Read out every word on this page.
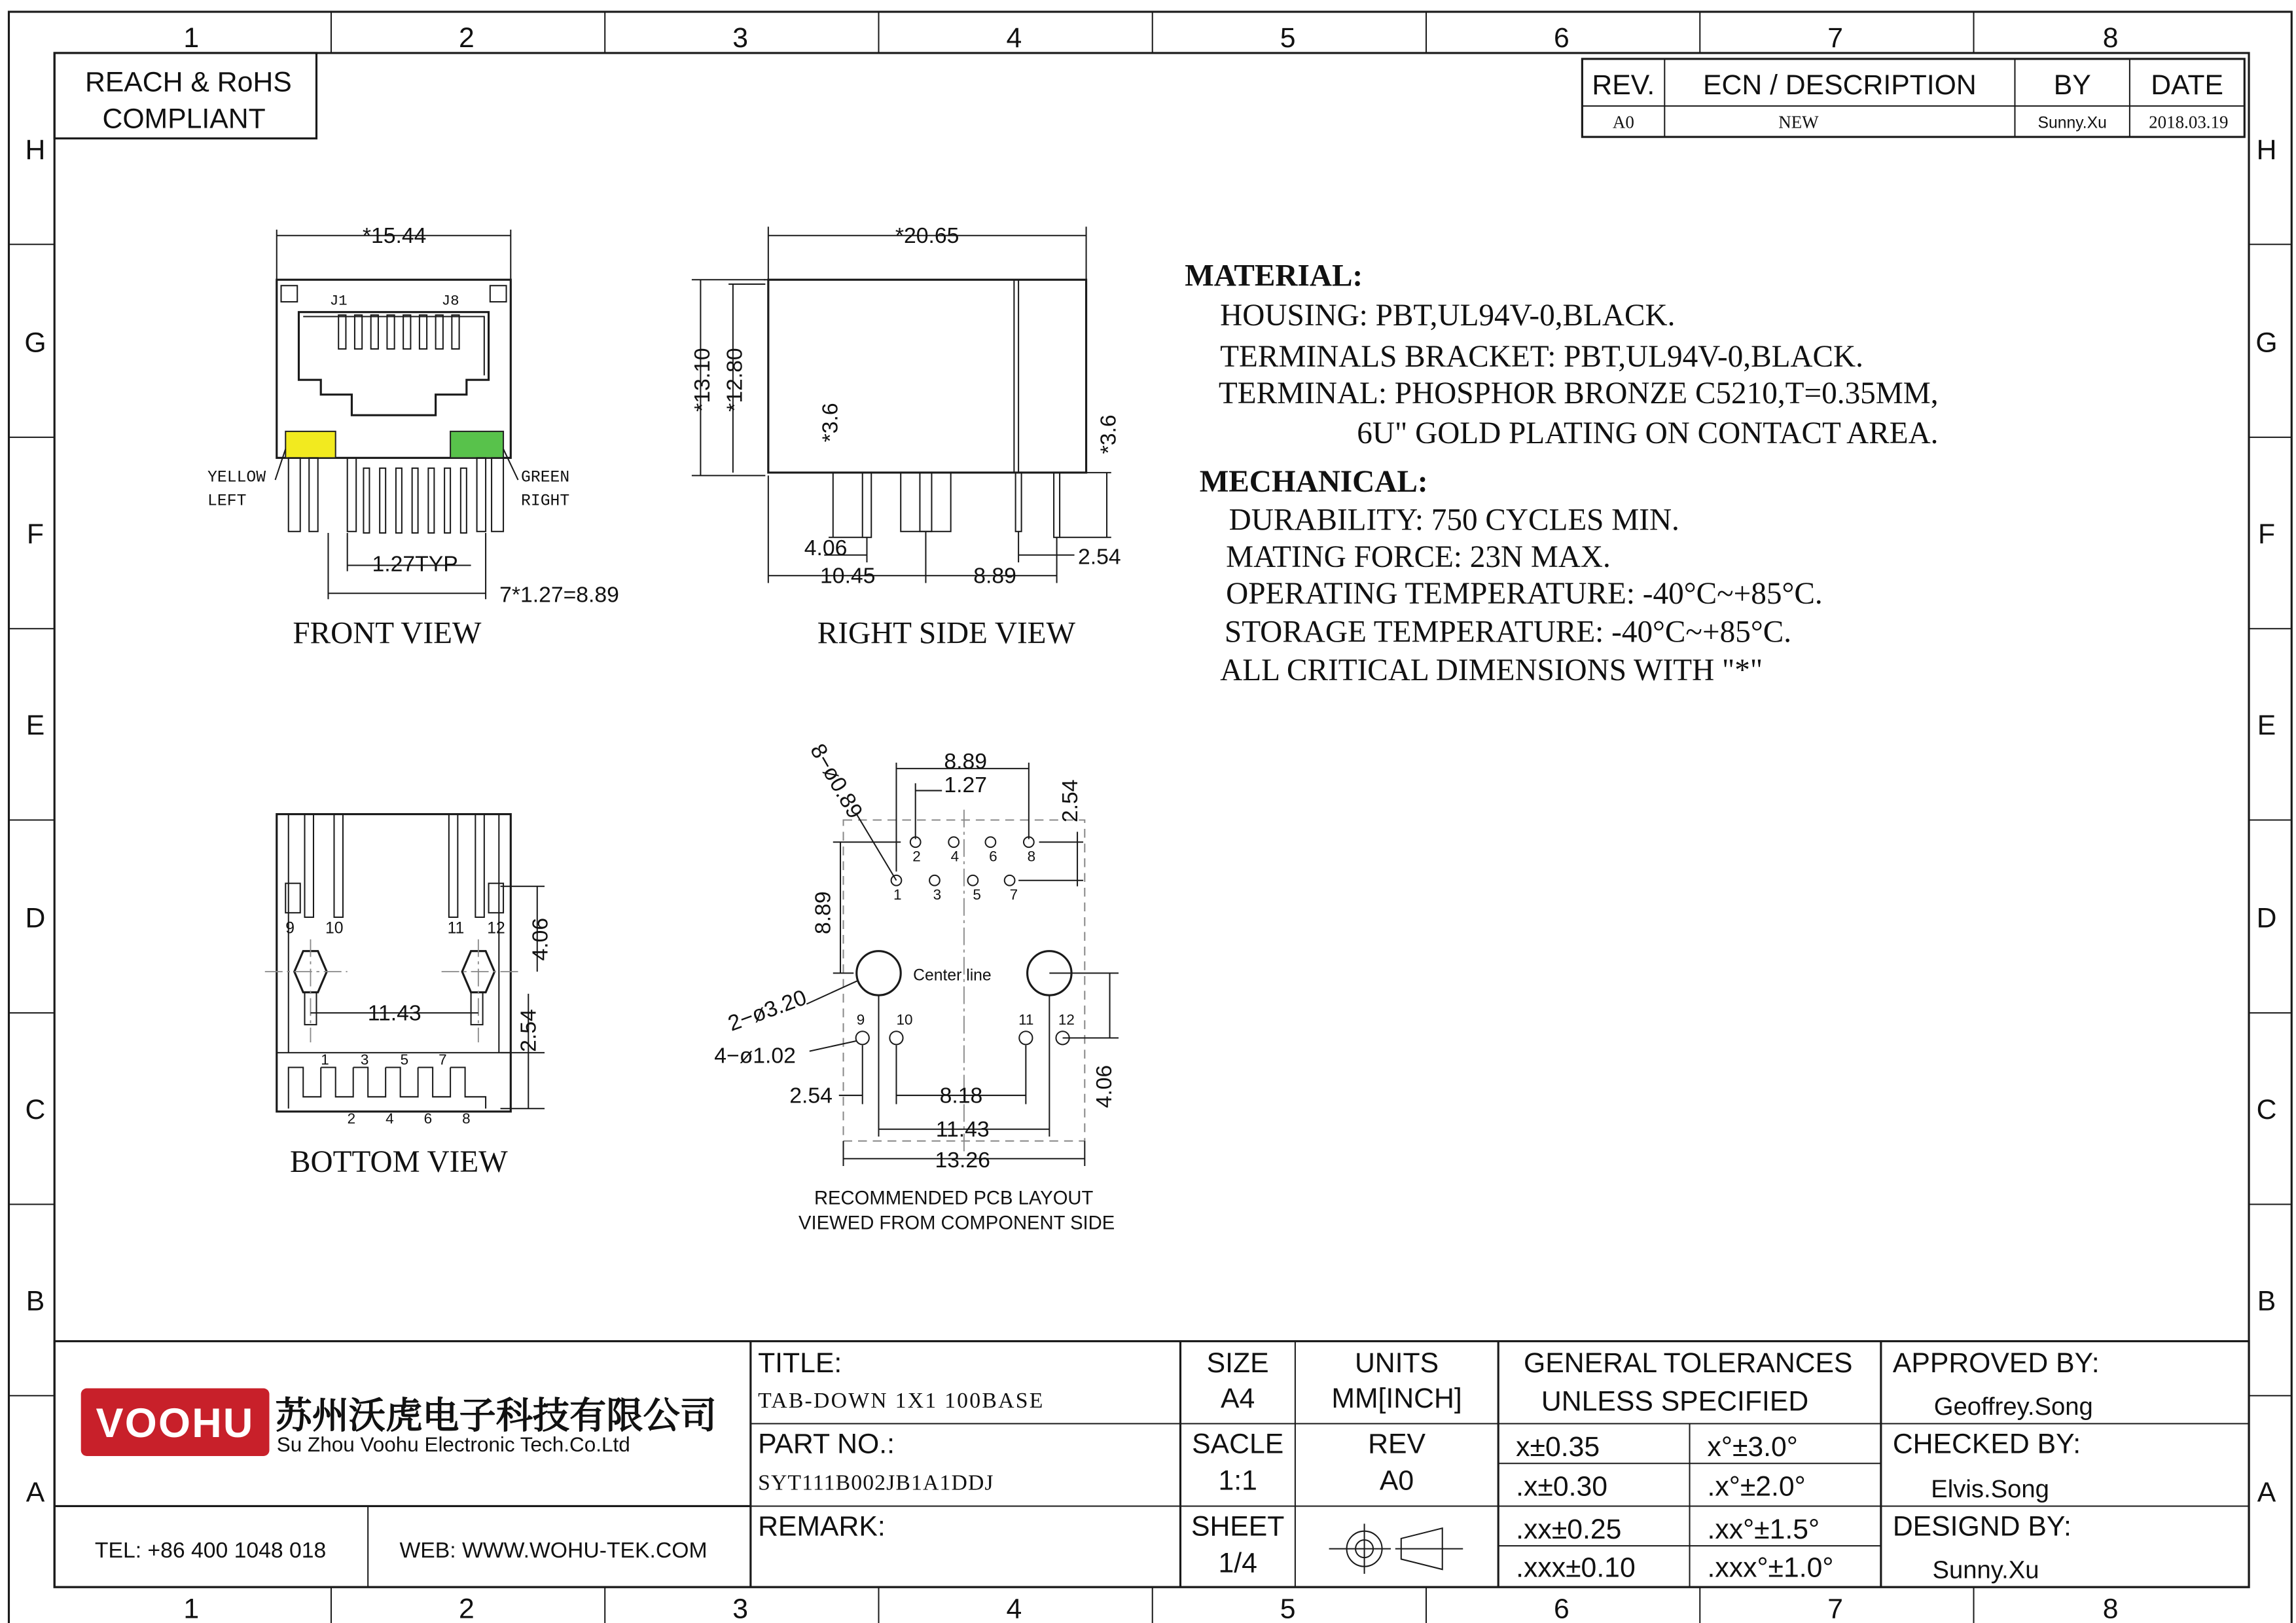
1	2	3	4	5	6	7	8
1	2	3	4	5	6	7	8
H
G
F
E
D
C
B
A
H
G
F
E
D
C
B
A
REACH & RoHS
COMPLIANT
REV.	ECN / DESCRIPTION	BY	DATE
A0	NEW	Sunny.Xu	2018.03.19
*15.44
J1	J8
YELLOW
LEFT
GREEN
RIGHT
1.27TYP
7*1.27=8.89
FRONT VIEW
*20.65
*13.10 *12.80
*3.6	*3.6
4.06
10.45	8.89
2.54
RIGHT SIDE VIEW
MATERIAL:
HOUSING: PBT,UL94V-0,BLACK.
TERMINALS BRACKET: PBT,UL94V-0,BLACK.
TERMINAL: PHOSPHOR BRONZE C5210,T=0.35MM,
6U" GOLD PLATING ON CONTACT AREA.
MECHANICAL:
DURABILITY: 750 CYCLES MIN.
MATING FORCE: 23N MAX.
OPERATING TEMPERATURE: -40°C~+85°C.
STORAGE TEMPERATURE: -40°C~+85°C.
ALL CRITICAL DIMENSIONS WITH "*"
9	10	11	12
11.43
4.06
2.54
1
2
3
4
5
6
7
8
BOTTOM VIEW
8.89
1.27	2.54
8−ø0.89
8.89	1
2
3
4
5
6
7
8
Center line
9	10	11	12
2−ø3.20
4−ø1.02
2.54	8.18
11.43
13.26
4.06
RECOMMENDED PCB LAYOUT
VIEWED FROM COMPONENT SIDE
VOOHU 苏州沃虎电子科技有限公司
Su Zhou Voohu Electronic Tech.Co.Ltd
TEL: +86 400 1048 018	WEB: WWW.WOHU-TEK.COM
TITLE:
TAB-DOWN 1X1 100BASE
PART NO.:
SYT111B002JB1A1DDJ
REMARK:
SIZE
A4
UNITS
MM[INCH]
SACLE
1:1
REV
A0
SHEET
1/4
GENERAL TOLERANCES
UNLESS SPECIFIED
x±0.35	x°±3.0°
.x±0.30	.x°±2.0°
.xx±0.25	.xx°±1.5°
.xxx±0.10	.xxx°±1.0°
APPROVED BY:
Geoffrey.Song
CHECKED BY:
Elvis.Song
DESIGND BY:
Sunny.Xu
